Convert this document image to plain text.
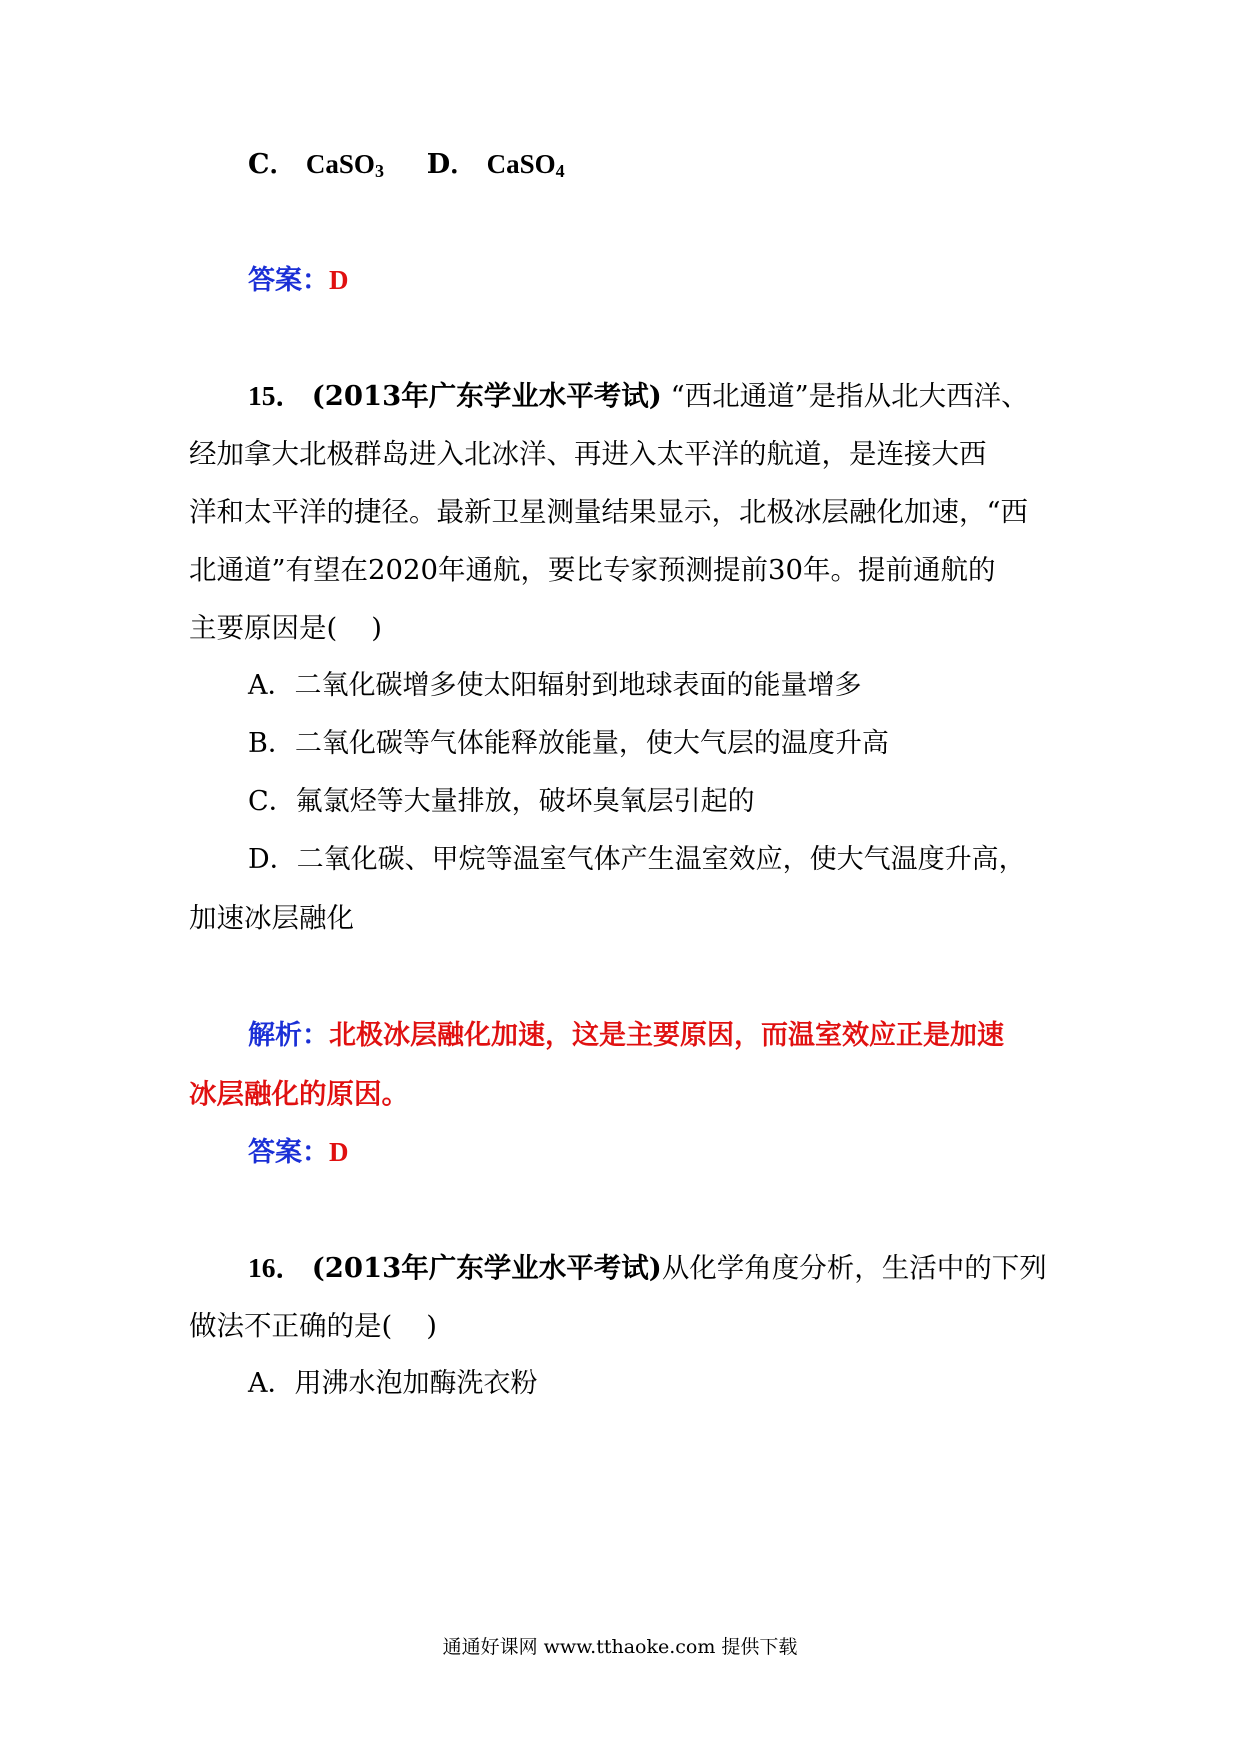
C． CaSO$_3$ D． CaSO$_4$
答案：D
15． (2013年广东学业水平考试) “西北通道”是指从北大西洋、
经加拿大北极群岛进入北冰洋、再进入太平洋的航道，是连接大西
洋和太平洋的捷径。最新卫星测量结果显示，北极冰层融化加速，“西
北通道”有望在2020年通航，要比专家预测提前30年。提前通航的
主要原因是( )
A．二氧化碳增多使太阳辐射到地球表面的能量增多
B．二氧化碳等气体能释放能量，使大气层的温度升高
C．氟氯烃等大量排放，破坏臭氧层引起的
D．二氧化碳、甲烷等温室气体产生温室效应，使大气温度升高，
加速冰层融化
解析：北极冰层融化加速，这是主要原因，而温室效应正是加速
冰层融化的原因。
答案：D
16． (2013年广东学业水平考试)从化学角度分析，生活中的下列
做法不正确的是( )
A．用沸水泡加酶洗衣粉
通通好课网 www.tthaoke.com 提供下载
